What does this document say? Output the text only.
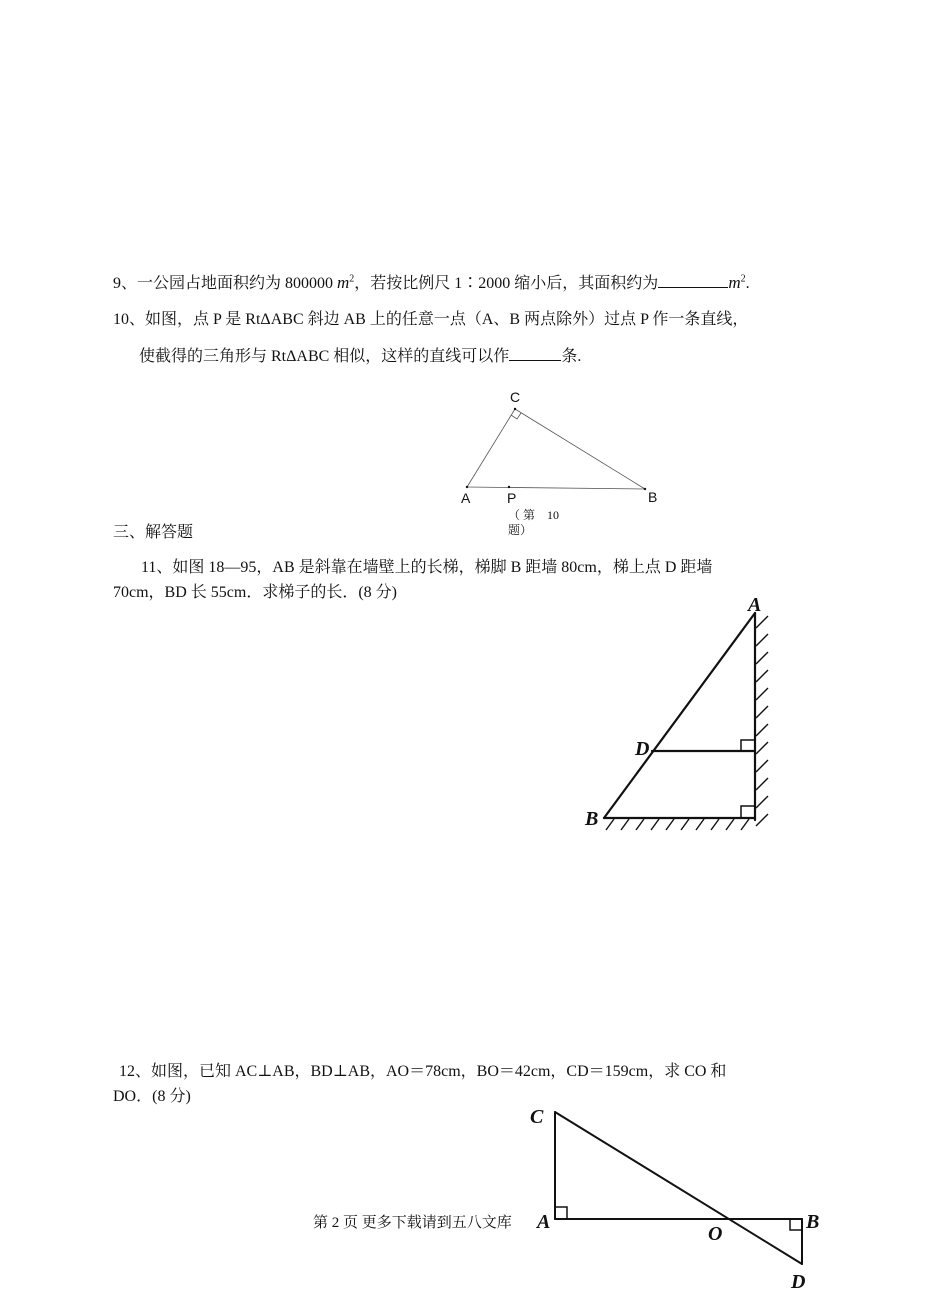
9、一公园占地面积约为 800000 $m^2$，若按比例尺 1∶2000 缩小后，其面积约为	$m^2$.
10、如图，点 P 是 RtΔABC 斜边 AB 上的任意一点（A、B 两点除外）过点 P 作一条直线，
使截得的三角形与 RtΔABC 相似，这样的直线可以作	条.
C
A	P	B
（ 第　10
题）
三、解答题
11、如图 18—95，AB 是斜靠在墙壁上的长梯，梯脚 B 距墙 80cm，梯上点 D 距墙
70cm，BD 长 55cm．求梯子的长．(8 分)
A
D
B
12、如图，已知 AC⊥AB，BD⊥AB，AO＝78cm，BO＝42cm，CD＝159cm，求 CO 和
DO．(8 分)
C
A
O
B
D
第 2 页 更多下载请到五八文库
